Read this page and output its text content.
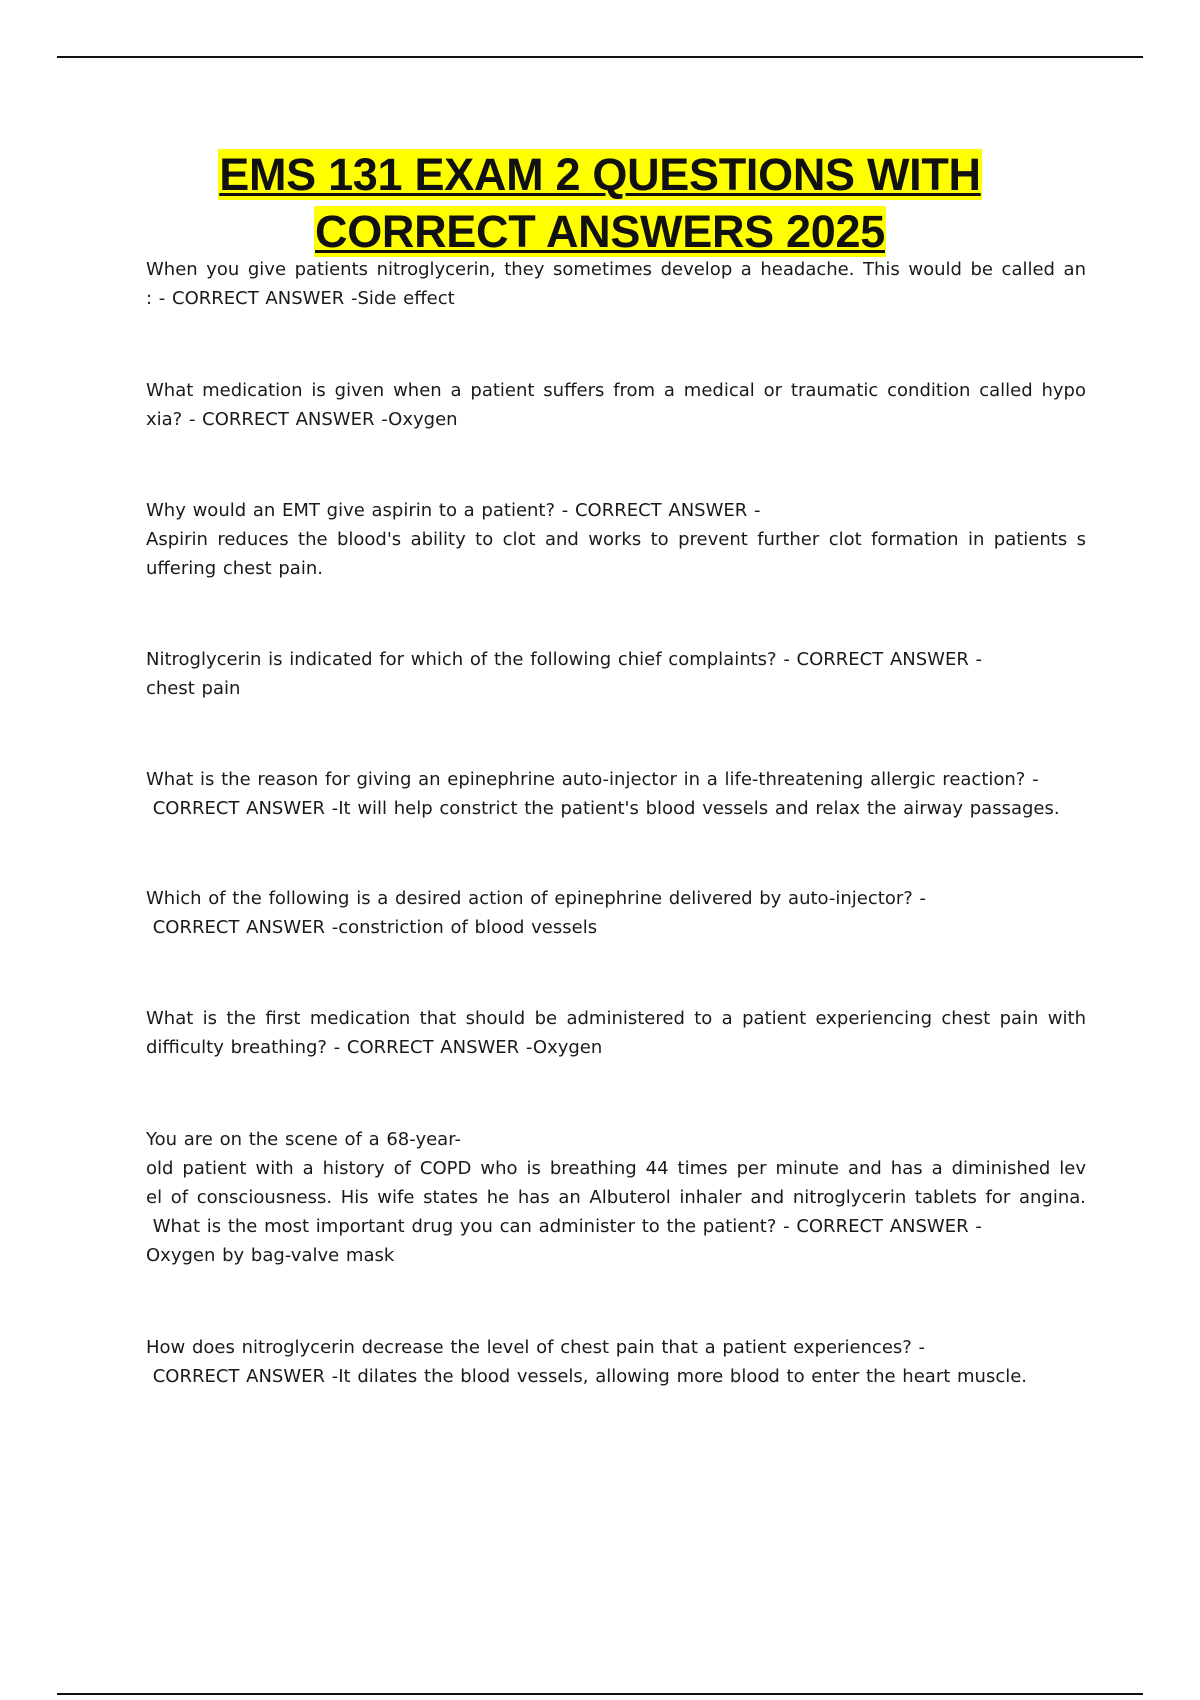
EMS 131 EXAM 2 QUESTIONS WITH
CORRECT ANSWERS 2025
When you give patients nitroglycerin, they sometimes develop a headache. This would be called an
: - CORRECT ANSWER -Side effect
What medication is given when a patient suffers from a medical or traumatic condition called hypo
xia? - CORRECT ANSWER -Oxygen
Why would an EMT give aspirin to a patient? - CORRECT ANSWER -
Aspirin reduces the blood's ability to clot and works to prevent further clot formation in patients s
uffering chest pain.
Nitroglycerin is indicated for which of the following chief complaints? - CORRECT ANSWER -
chest pain
What is the reason for giving an epinephrine auto-injector in a life-threatening allergic reaction? -
CORRECT ANSWER -It will help constrict the patient's blood vessels and relax the airway passages.
Which of the following is a desired action of epinephrine delivered by auto-injector? -
CORRECT ANSWER -constriction of blood vessels
What is the first medication that should be administered to a patient experiencing chest pain with
difficulty breathing? - CORRECT ANSWER -Oxygen
You are on the scene of a 68-year-
old patient with a history of COPD who is breathing 44 times per minute and has a diminished lev
el of consciousness. His wife states he has an Albuterol inhaler and nitroglycerin tablets for angina.
What is the most important drug you can administer to the patient? - CORRECT ANSWER -
Oxygen by bag-valve mask
How does nitroglycerin decrease the level of chest pain that a patient experiences? -
CORRECT ANSWER -It dilates the blood vessels, allowing more blood to enter the heart muscle.
